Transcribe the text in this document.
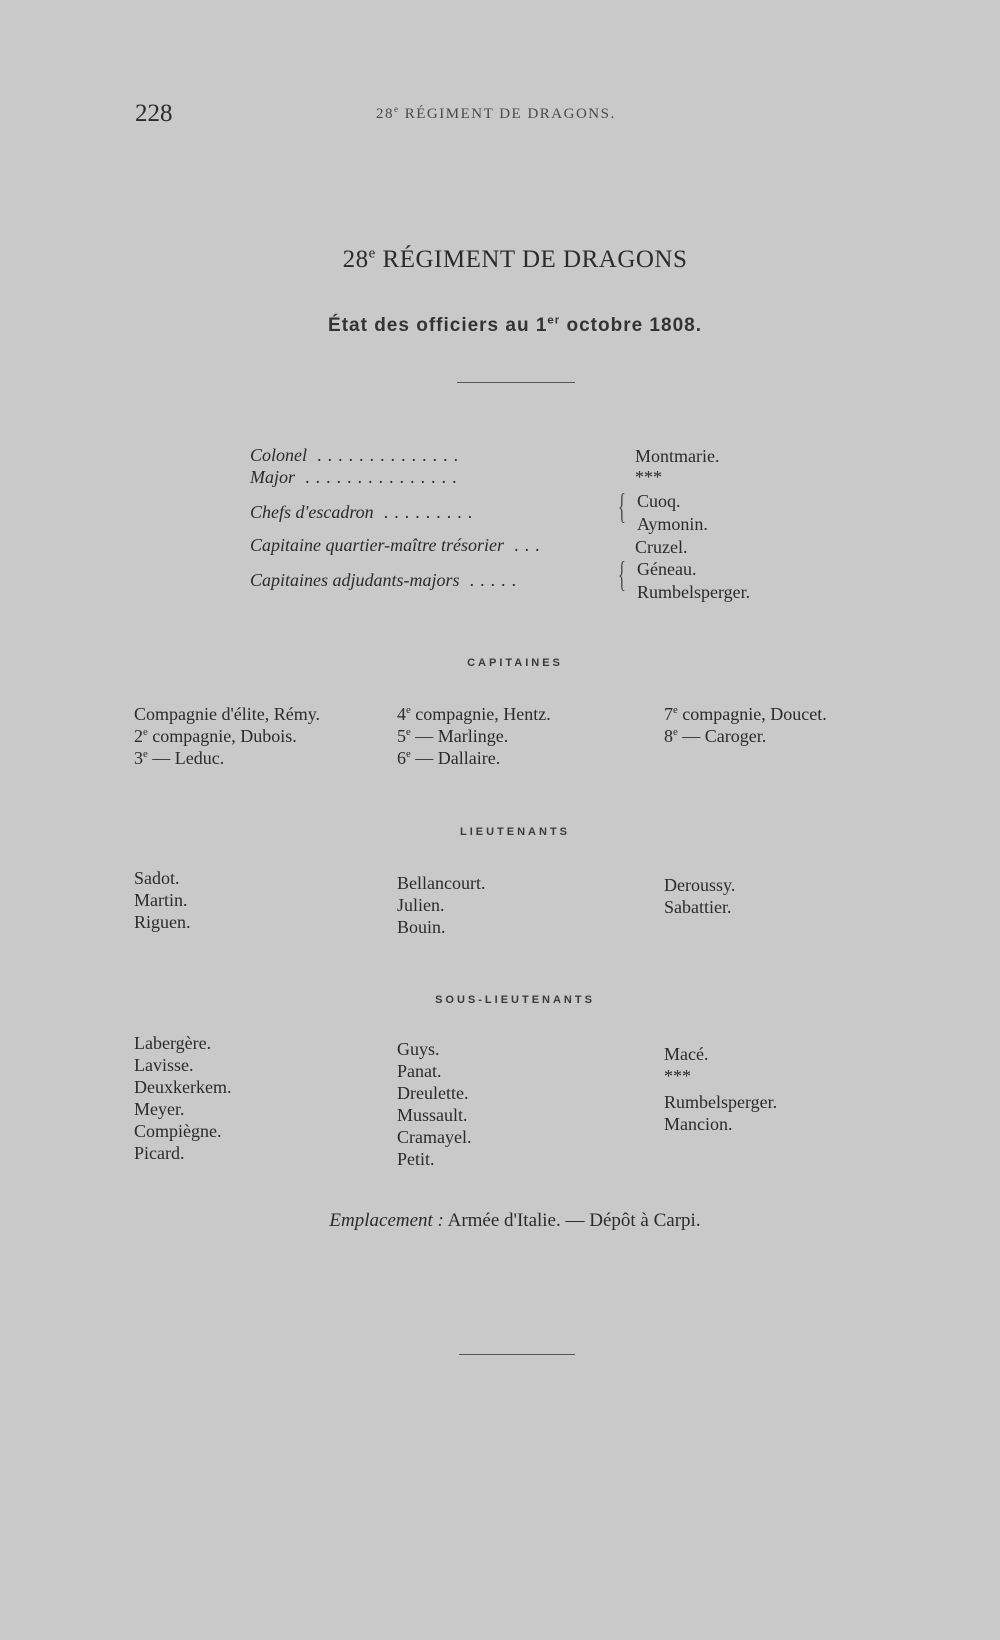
228	28e RÉGIMENT DE DRAGONS.
28e RÉGIMENT DE DRAGONS
État des officiers au 1er octobre 1808.
Colonel ..............	Montmarie.
Major ...............	***
Chefs d'escadron .........	{ Cuoq.
Aymonin.
Capitaine quartier-maître trésorier ...	Cruzel.
Capitaines adjudants-majors .....	{ Géneau.
Rumbelsperger.
CAPITAINES
Compagnie d'élite, Rémy.
2e compagnie, Dubois.
3e — Leduc.
4e compagnie, Hentz.
5e — Marlinge.
6e — Dallaire.
7e compagnie, Doucet.
8e — Caroger.
LIEUTENANTS
Sadot.
Martin.
Riguen.
Bellancourt.
Julien.
Bouin.
Deroussy.
Sabattier.
SOUS-LIEUTENANTS
Labergère.
Lavisse.
Deuxkerkem.
Meyer.
Compiègne.
Picard.
Guys.
Panat.
Dreulette.
Mussault.
Cramayel.
Petit.
Macé.
***
Rumbelsperger.
Mancion.
Emplacement : Armée d'Italie. — Dépôt à Carpi.
